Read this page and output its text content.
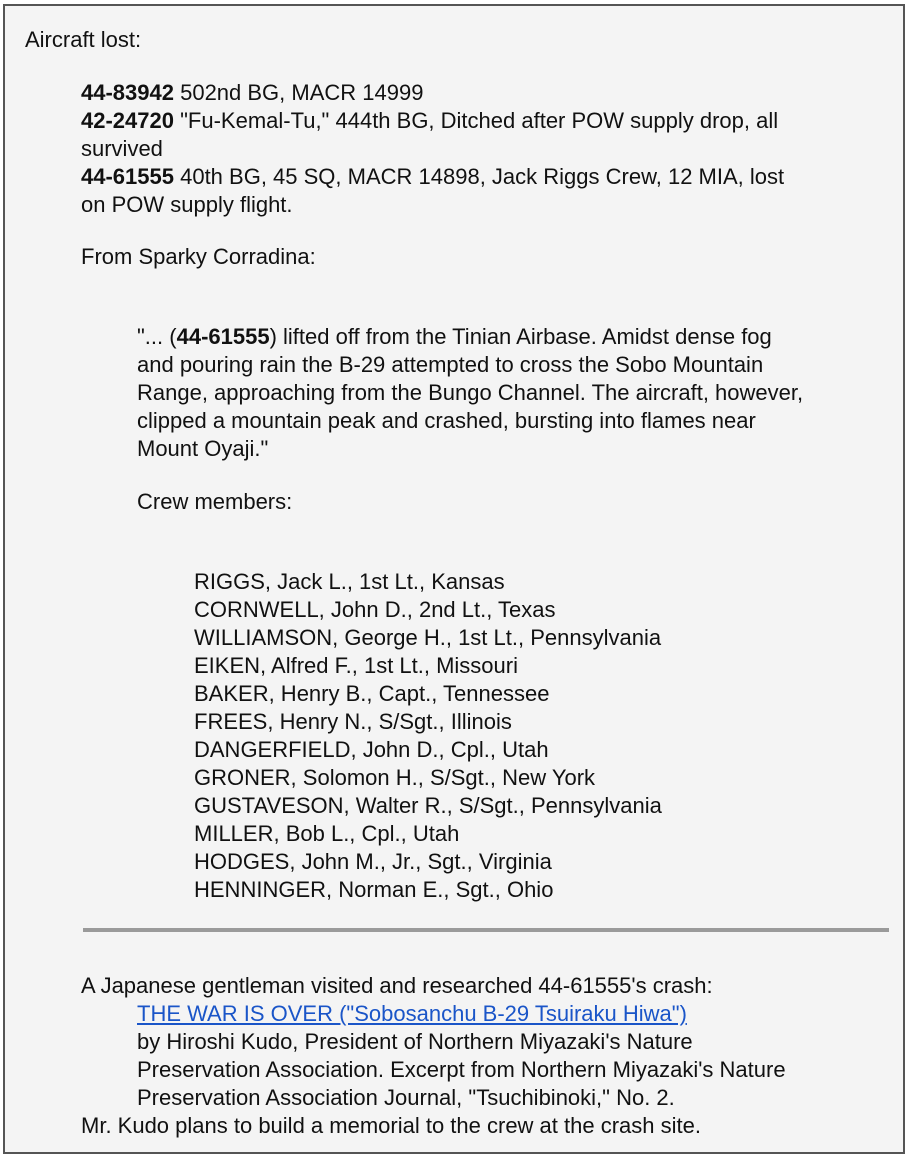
Aircraft lost:
44-83942 502nd BG, MACR 14999
42-24720 "Fu-Kemal-Tu," 444th BG, Ditched after POW supply drop, all
survived
44-61555 40th BG, 45 SQ, MACR 14898, Jack Riggs Crew, 12 MIA, lost
on POW supply flight.
From Sparky Corradina:
"... (44-61555) lifted off from the Tinian Airbase. Amidst dense fog
and pouring rain the B-29 attempted to cross the Sobo Mountain
Range, approaching from the Bungo Channel. The aircraft, however,
clipped a mountain peak and crashed, bursting into flames near
Mount Oyaji."
Crew members:
RIGGS, Jack L., 1st Lt., Kansas
CORNWELL, John D., 2nd Lt., Texas
WILLIAMSON, George H., 1st Lt., Pennsylvania
EIKEN, Alfred F., 1st Lt., Missouri
BAKER, Henry B., Capt., Tennessee
FREES, Henry N., S/Sgt., Illinois
DANGERFIELD, John D., Cpl., Utah
GRONER, Solomon H., S/Sgt., New York
GUSTAVESON, Walter R., S/Sgt., Pennsylvania
MILLER, Bob L., Cpl., Utah
HODGES, John M., Jr., Sgt., Virginia
HENNINGER, Norman E., Sgt., Ohio
A Japanese gentleman visited and researched 44-61555's crash:
THE WAR IS OVER ("Sobosanchu B-29 Tsuiraku Hiwa")
by Hiroshi Kudo, President of Northern Miyazaki's Nature
Preservation Association. Excerpt from Northern Miyazaki's Nature
Preservation Association Journal, "Tsuchibinoki," No. 2.
Mr. Kudo plans to build a memorial to the crew at the crash site.
